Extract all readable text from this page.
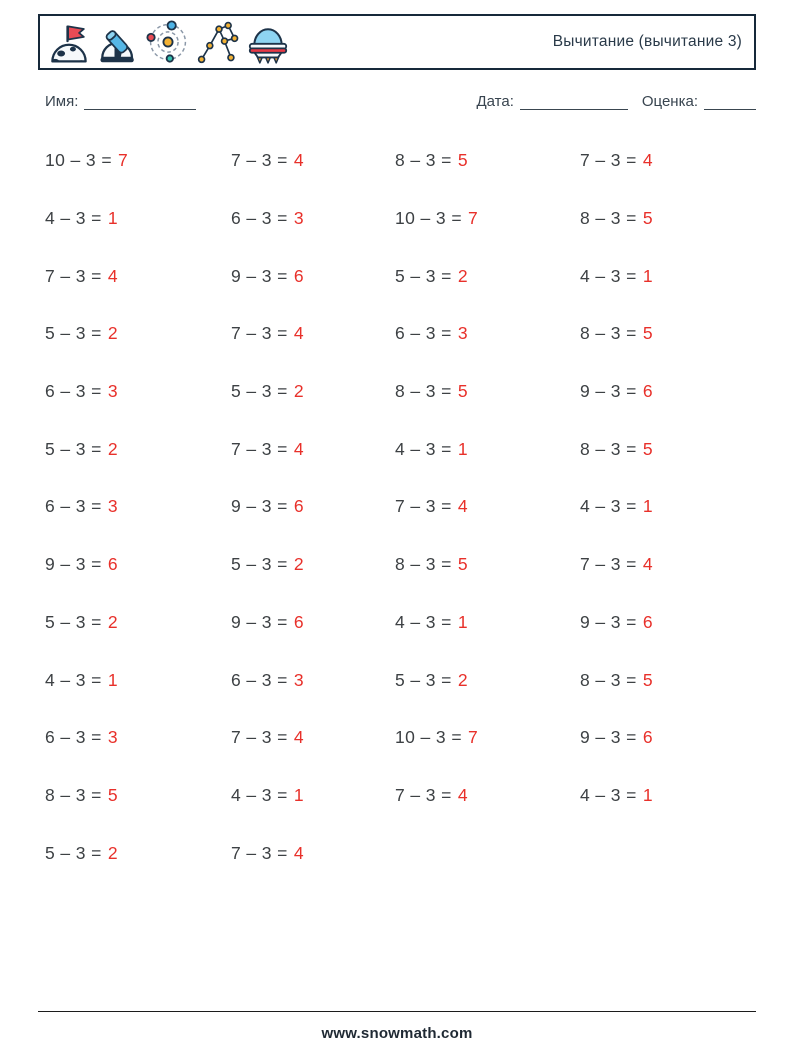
Вычитание (вычитание 3)
Имя:	Дата:	Оценка:
10 – 3 = 7	7 – 3 = 4	8 – 3 = 5	7 – 3 = 4
4 – 3 = 1	6 – 3 = 3	10 – 3 = 7	8 – 3 = 5
7 – 3 = 4	9 – 3 = 6	5 – 3 = 2	4 – 3 = 1
5 – 3 = 2	7 – 3 = 4	6 – 3 = 3	8 – 3 = 5
6 – 3 = 3	5 – 3 = 2	8 – 3 = 5	9 – 3 = 6
5 – 3 = 2	7 – 3 = 4	4 – 3 = 1	8 – 3 = 5
6 – 3 = 3	9 – 3 = 6	7 – 3 = 4	4 – 3 = 1
9 – 3 = 6	5 – 3 = 2	8 – 3 = 5	7 – 3 = 4
5 – 3 = 2	9 – 3 = 6	4 – 3 = 1	9 – 3 = 6
4 – 3 = 1	6 – 3 = 3	5 – 3 = 2	8 – 3 = 5
6 – 3 = 3	7 – 3 = 4	10 – 3 = 7	9 – 3 = 6
8 – 3 = 5	4 – 3 = 1	7 – 3 = 4	4 – 3 = 1
5 – 3 = 2	7 – 3 = 4
www.snowmath.com
